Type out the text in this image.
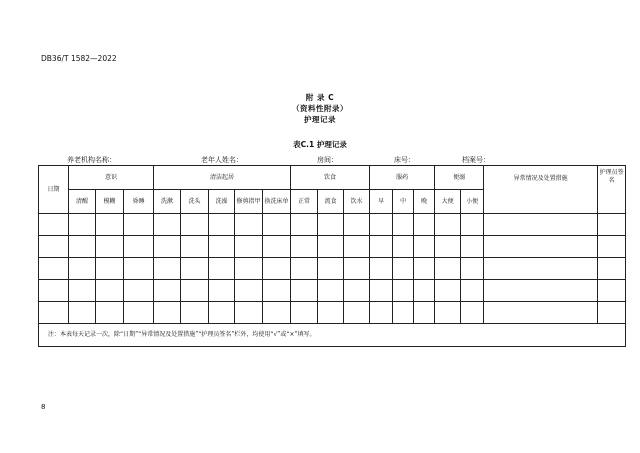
DB36/T 1582—2022
附 录 C
（资料性附录）
护理记录
表C.1 护理记录
养老机构名称：	老年人姓名：	房间：	床号：	档案号：
日期	意识			清洁起居					饮食			服药			便溺		异常情况及处置措施	护理员签名
	清醒	模糊	昏睡	洗漱	洗头	洗澡	修剪指甲	换洗床单	正常	流食	饮水	早	中	晚	大便	小便		

注：本表每天记录一次，除“日期”“异常情况及处置措施”“护理员签名”栏外，均使用“√”或“×”填写。																		
8
